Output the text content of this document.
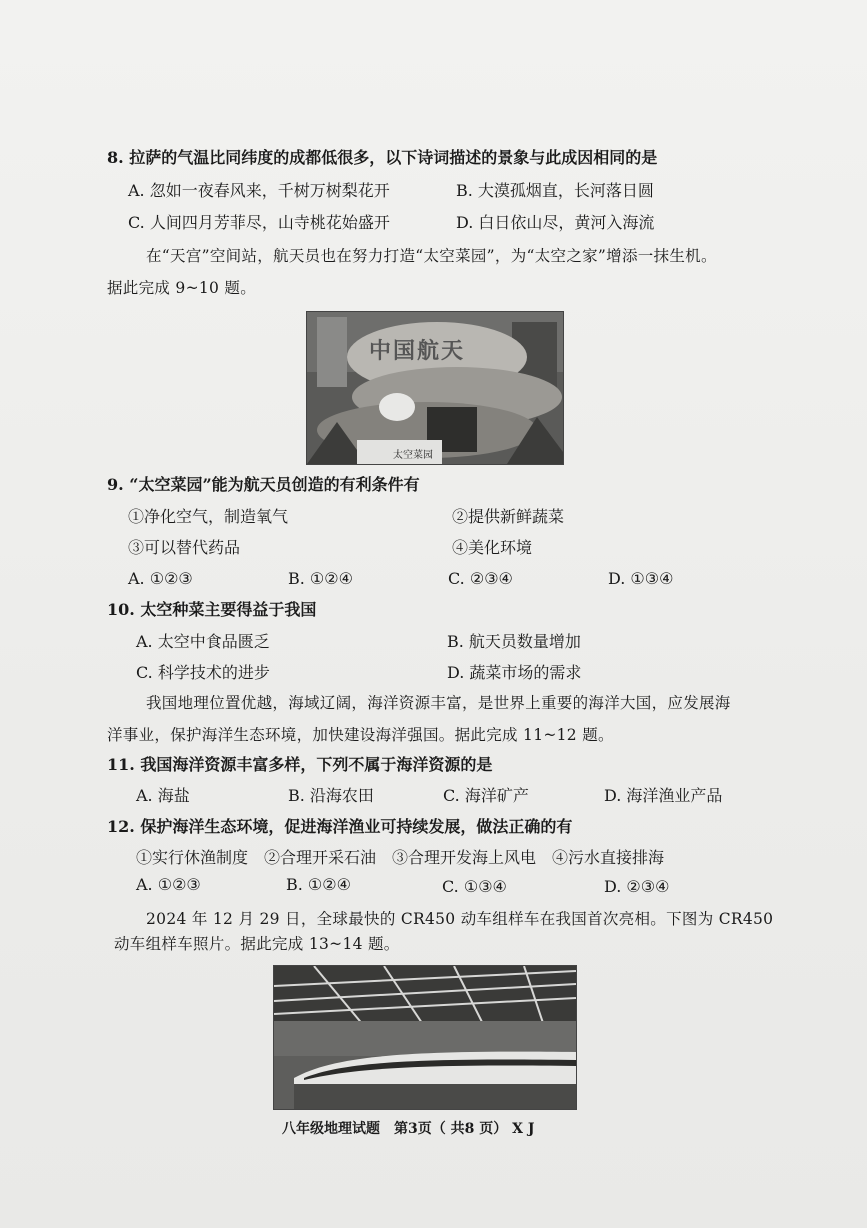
8. 拉萨的气温比同纬度的成都低很多，以下诗词描述的景象与此成因相同的是
A. 忽如一夜春风来，千树万树梨花开	B. 大漠孤烟直，长河落日圆
C. 人间四月芳菲尽，山寺桃花始盛开	D. 白日依山尽，黄河入海流
在“天宫”空间站，航天员也在努力打造“太空菜园”，为“太空之家”增添一抹生机。
据此完成 9~10 题。
中国航天
太空菜园
9. “太空菜园”能为航天员创造的有利条件有
①净化空气，制造氧气	②提供新鲜蔬菜
③可以替代药品	④美化环境
A. ①②③	B. ①②④	C. ②③④	D. ①③④
10. 太空种菜主要得益于我国
A. 太空中食品匮乏	B. 航天员数量增加
C. 科学技术的进步	D. 蔬菜市场的需求
我国地理位置优越，海域辽阔，海洋资源丰富，是世界上重要的海洋大国，应发展海
洋事业，保护海洋生态环境，加快建设海洋强国。据此完成 11~12 题。
11. 我国海洋资源丰富多样，下列不属于海洋资源的是
A. 海盐	B. 沿海农田	C. 海洋矿产	D. 海洋渔业产品
12. 保护海洋生态环境，促进海洋渔业可持续发展，做法正确的有
①实行休渔制度　②合理开采石油　③合理开发海上风电　④污水直接排海
A. ①②③	B. ①②④	C. ①③④	D. ②③④
2024 年 12 月 29 日，全球最快的 CR450 动车组样车在我国首次亮相。下图为 CR450
动车组样车照片。据此完成 13~14 题。
八年级地理试题　第3页（ 共8 页） X J
